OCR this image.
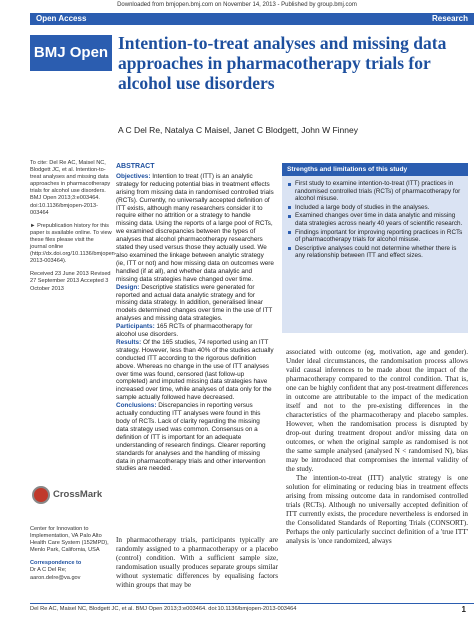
Downloaded from bmjopen.bmj.com on November 14, 2013 - Published by group.bmj.com
Open Access	Research
BMJ Open Intention-to-treat analyses and missing data approaches in pharmacotherapy trials for alcohol use disorders
A C Del Re, Natalya C Maisel, Janet C Blodgett, John W Finney

To cite: Del Re AC, Maisel NC, Blodgett JC, et al. Intention-to-treat analyses and missing data approaches in pharmacotherapy trials for alcohol use disorders. BMJ Open 2013;3:e003464. doi:10.1136/bmjopen-2013-003464

► Prepublication history for this paper is available online. To view these files please visit the journal online (http://dx.doi.org/10.1136/bmjopen-2013-003464).

Received 23 June 2013 Revised 27 September 2013 Accepted 3 October 2013

CrossMark

Center for Innovation to Implementation, VA Palo Alto Health Care System (152MPD), Menlo Park, California, USA

Correspondence to

Dr A C Del Re; aaron.delre@va.gov

ABSTRACT

Objectives: Intention to treat (ITT) is an analytic strategy for reducing potential bias in treatment effects arising from missing data in randomised controlled trials (RCTs). Currently, no universally accepted definition of ITT exists, although many researchers consider it to require either no attrition or a strategy to handle missing data. Using the reports of a large pool of RCTs, we examined discrepancies between the types of analyses that alcohol pharmacotherapy researchers stated they used versus those they actually used. We also examined the linkage between analytic strategy (ie, ITT or not) and how missing data on outcomes were handled (if at all), and whether data analytic and missing data strategies have changed over time.

Design: Descriptive statistics were generated for reported and actual data analytic strategy and for missing data strategy. In addition, generalised linear models determined changes over time in the use of ITT analyses and missing data strategies.

Participants: 165 RCTs of pharmacotherapy for alcohol use disorders.

Results: Of the 165 studies, 74 reported using an ITT strategy. However, less than 40% of the studies actually conducted ITT according to the rigorous definition above. Whereas no change in the use of ITT analyses over time was found, censored (last follow-up completed) and imputed missing data strategies have increased over time, while analyses of data only for the sample actually followed have decreased.

Conclusions: Discrepancies in reporting versus actually conducting ITT analyses were found in this body of RCTs. Lack of clarity regarding the missing data strategy used was common. Consensus on a definition of ITT is important for an adequate understanding of research findings. Clearer reporting standards for analyses and the handling of missing data in pharmacotherapy trials and other intervention studies are needed.

Strengths and limitations of this study
First study to examine intention-to-treat (ITT) practices in randomised controlled trials (RCTs) of pharmacotherapy for alcohol misuse.
Included a large body of studies in the analyses.
Examined changes over time in data analytic and missing data strategies across nearly 40 years of scientific research.
Findings important for improving reporting practices in RCTs of pharmacotherapy trials for alcohol misuse.
Descriptive analyses could not determine whether there is any relationship between ITT and effect sizes.

associated with outcome (eg, motivation, age and gender). Under ideal circumstances, the randomisation process allows valid causal inferences to be made about the impact of the pharmacotherapy compared to the control condition. That is, one can be highly confident that any post-treatment differences in outcome are attributable to the impact of the medication itself and not to the pre-existing differences in the characteristics of the pharmacotherapy and placebo samples. However, when the randomisation process is disrupted by drop-out during treatment dropout and/or missing data on outcomes, or when the original sample as randomised is not the same sample analysed (analysed N < randomised N), bias may be introduced that compromises the internal validity of the study.

The intention-to-treat (ITT) analytic strategy is one solution for eliminating or reducing bias in treatment effects arising from missing outcome data in randomised controlled trials (RCTs). Although no universally accepted definition of ITT currently exists, the procedure nevertheless is endorsed in the Consolidated Standards of Reporting Trials (CONSORT). Perhaps the only particularly succinct definition of a 'true ITT' analysis is 'once randomized, always

In pharmacotherapy trials, participants typically are randomly assigned to a pharmacotherapy or a placebo (control) condition. With a sufficient sample size, randomisation usually produces separate groups similar without systematic differences by equalising factors within groups that may be
Del Re AC, Maisel NC, Blodgett JC, et al. BMJ Open 2013;3:e003464. doi:10.1136/bmjopen-2013-003464	1
